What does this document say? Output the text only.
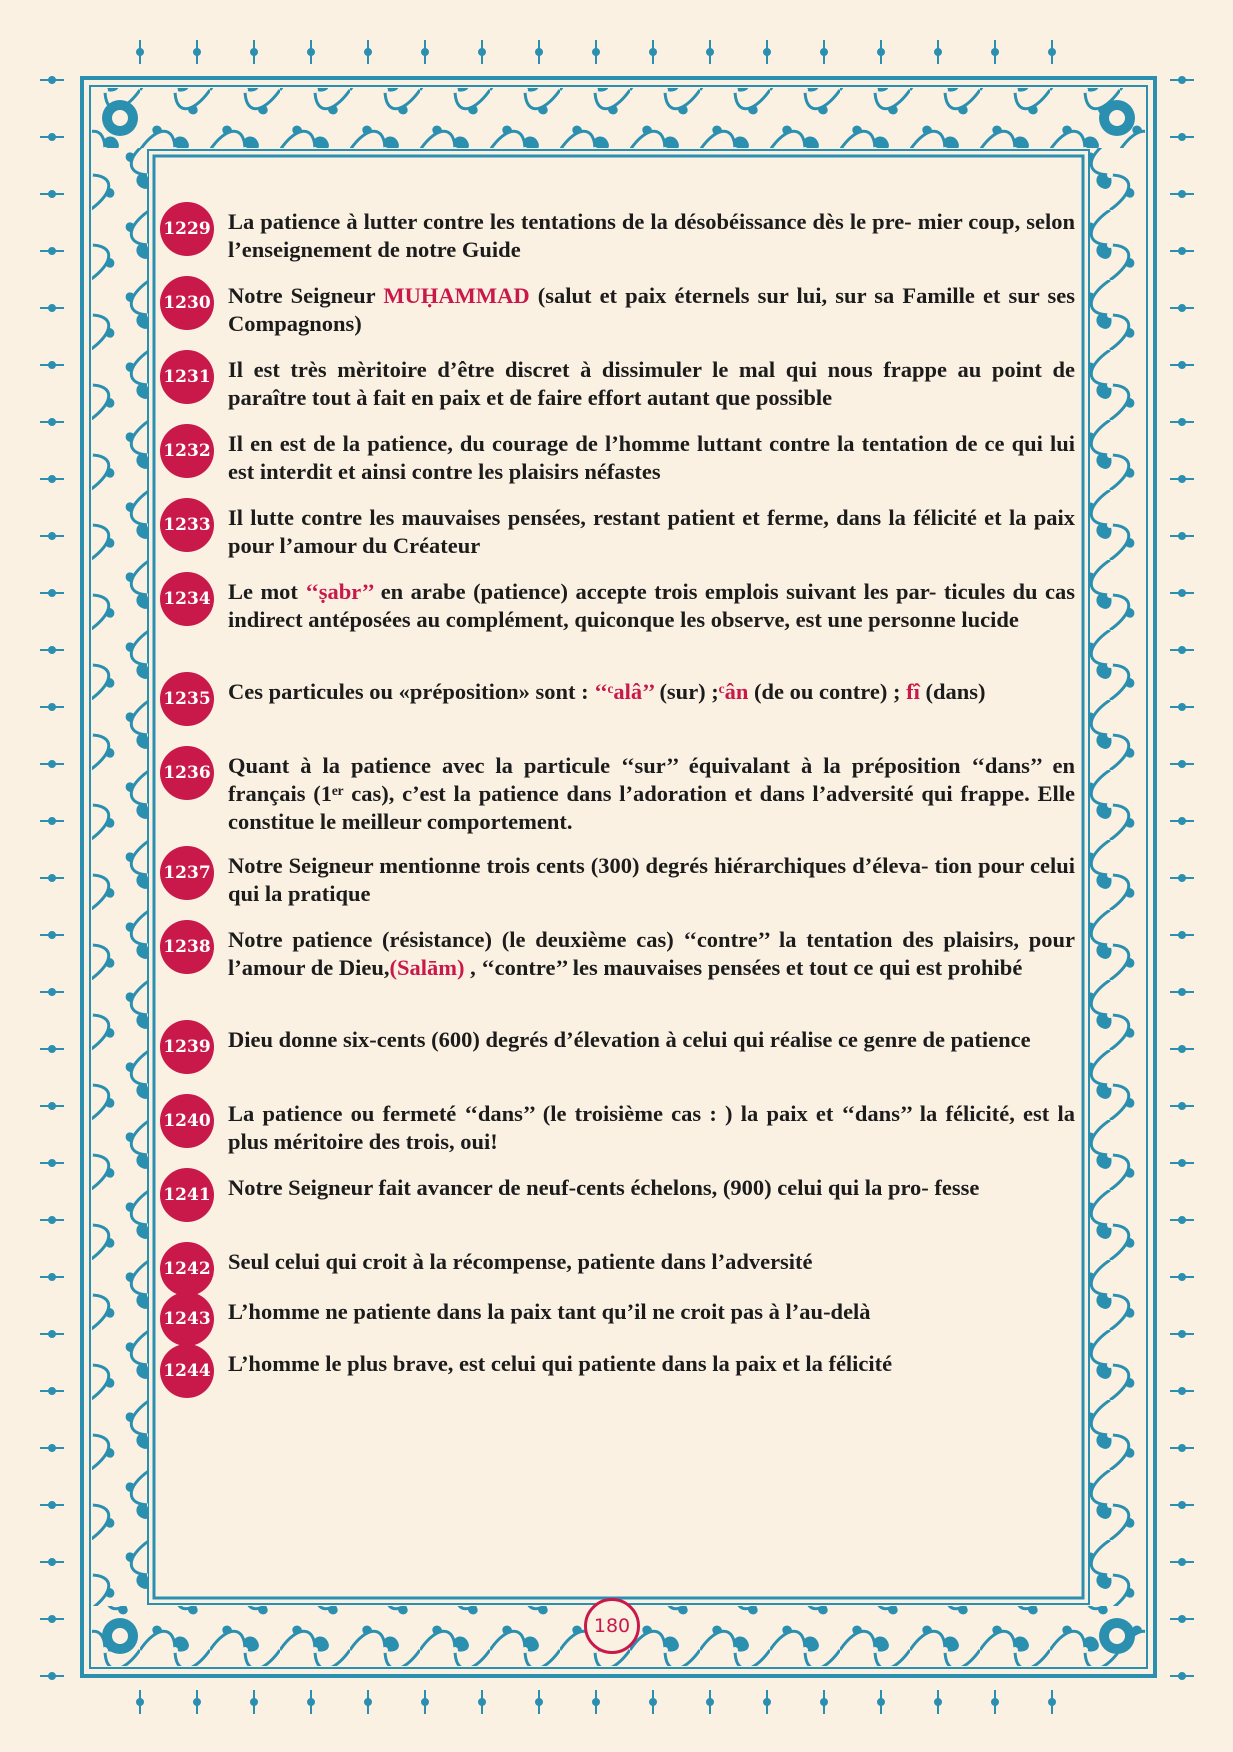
1229 La patience à lutter contre les tentations de la désobéissance dès le pre- mier coup, selon l’enseignement de notre Guide

1230 Notre Seigneur MUḤAMMAD (salut et paix éternels sur lui, sur sa Famille et sur ses Compagnons)

1231 Il est très mèritoire d’être discret à dissimuler le mal qui nous frappe au point de paraître tout à fait en paix et de faire effort autant que possible

1232 Il en est de la patience, du courage de l’homme luttant contre la tentation de ce qui lui est interdit et ainsi contre les plaisirs néfastes

1233 Il lutte contre les mauvaises pensées, restant patient et ferme, dans la félicité et la paix pour l’amour du Créateur

1234 Le mot ‘‘ṣabr’’ en arabe (patience) accepte trois emplois suivant les par- ticules du cas indirect antéposées au complément, quiconque les observe, est une personne lucide

1235 Ces particules ou «préposition» sont : ‘‘ᶜalâ’’ (sur) ;ᶜân (de ou contre) ; fî (dans)

1236 Quant à la patience avec la particule ‘‘sur’’ équivalant à la préposition ‘‘dans’’ en français (1ᵉʳ cas), c’est la patience dans l’adoration et dans l’adversité qui frappe. Elle constitue le meilleur comportement.

1237 Notre Seigneur mentionne trois cents (300) degrés hiérarchiques d’éleva- tion pour celui qui la pratique

1238 Notre patience (résistance) (le deuxième cas) ‘‘contre’’ la tentation des plaisirs, pour l’amour de Dieu,(Salām) , ‘‘contre’’ les mauvaises pensées et tout ce qui est prohibé

1239 Dieu donne six-cents (600) degrés d’élevation à celui qui réalise ce genre de patience

1240 La patience ou fermeté ‘‘dans’’ (le troisième cas : ) la paix et ‘‘dans’’ la félicité, est la plus méritoire des trois, oui!

1241 Notre Seigneur fait avancer de neuf-cents échelons, (900) celui qui la pro- fesse

1242 Seul celui qui croit à la récompense, patiente dans l’adversité

1243 L’homme ne patiente dans la paix tant qu’il ne croit pas à l’au-delà

1244 L’homme le plus brave, est celui qui patiente dans la paix et la félicité

180
